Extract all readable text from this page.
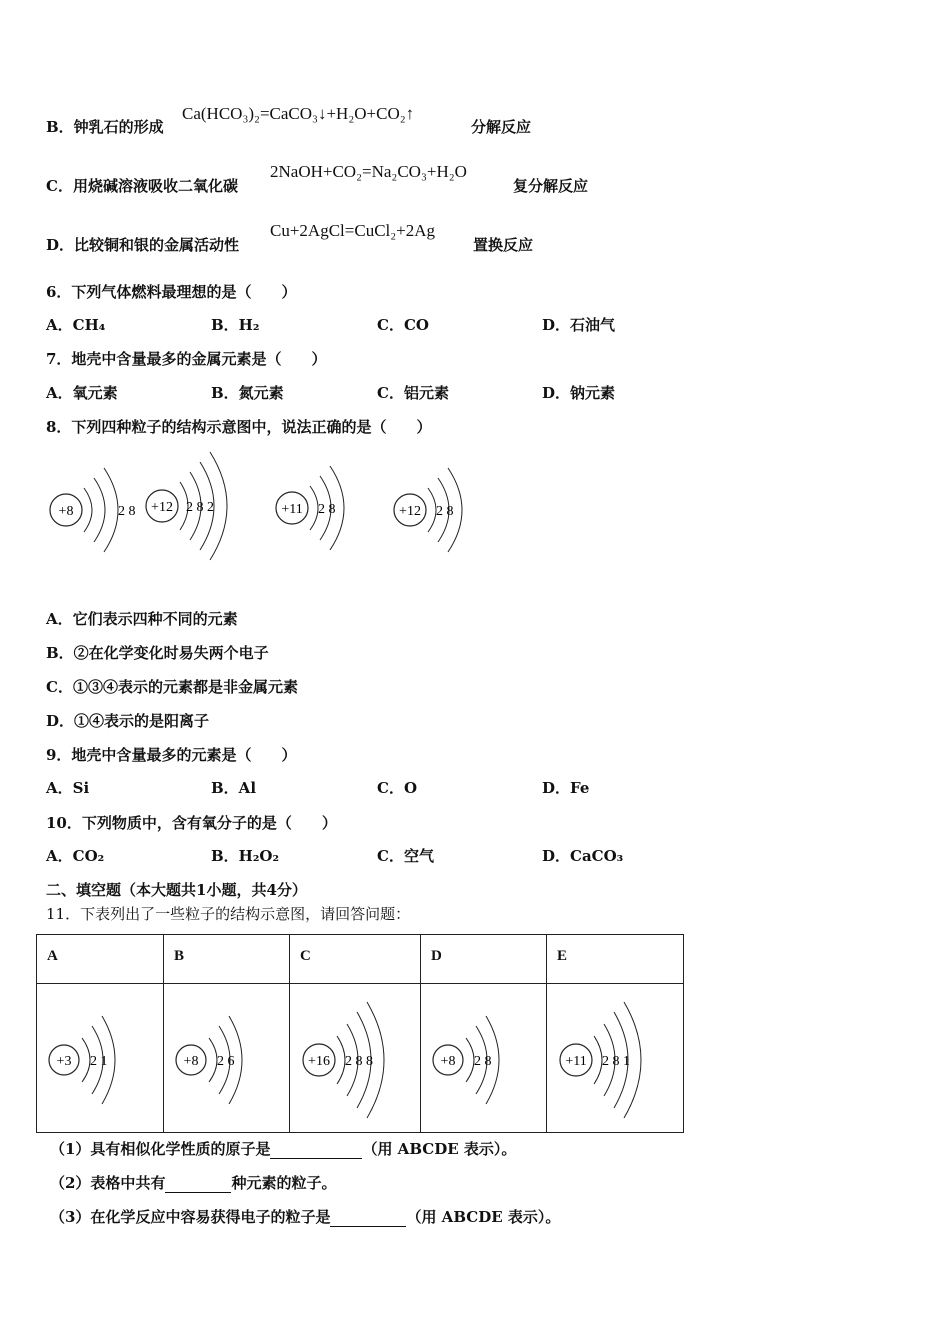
B．钟乳石的形成
Ca(HCO₃)₂=CaCO₃↓+H₂O+CO₂↑
分解反应
C．用烧碱溶液吸收二氧化碳
2NaOH+CO₂=Na₂CO₃+H₂O
复分解反应
D．比较铜和银的金属活动性
Cu+2AgCl=CuCl₂+2Ag
置换反应
6．下列气体燃料最理想的是（　　）
A．CH₄	B．H₂	C．CO	D．石油气
7．地壳中含量最多的金属元素是（　　）
A．氧元素	B．氮元素	C．铝元素	D．钠元素
8．下列四种粒子的结构示意图中，说法正确的是（　　）
+8	2 8 +12 2 8 2	+11 2 8	+12 2 8
A．它们表示四种不同的元素
B．②在化学变化时易失两个电子
C．①③④表示的元素都是非金属元素
D．①④表示的是阳离子
9．地壳中含量最多的元素是（　　）
A．Si	B．Al	C．O	D．Fe
10．下列物质中，含有氧分子的是（　　）
A．CO₂	B．H₂O₂	C．空气	D．CaCO₃
二、填空题（本大题共1小题，共4分）
11．下表列出了一些粒子的结构示意图，请回答问题：
A	B	C	D	E

+3 2 1	+8 2 6	+16 2 8 8	+8 2 8	+11 2 8 1
（1）具有相似化学性质的原子是	（用 ABCDE 表示）。
（2）表格中共有	种元素的粒子。
（3）在化学反应中容易获得电子的粒子是	（用 ABCDE 表示）。
